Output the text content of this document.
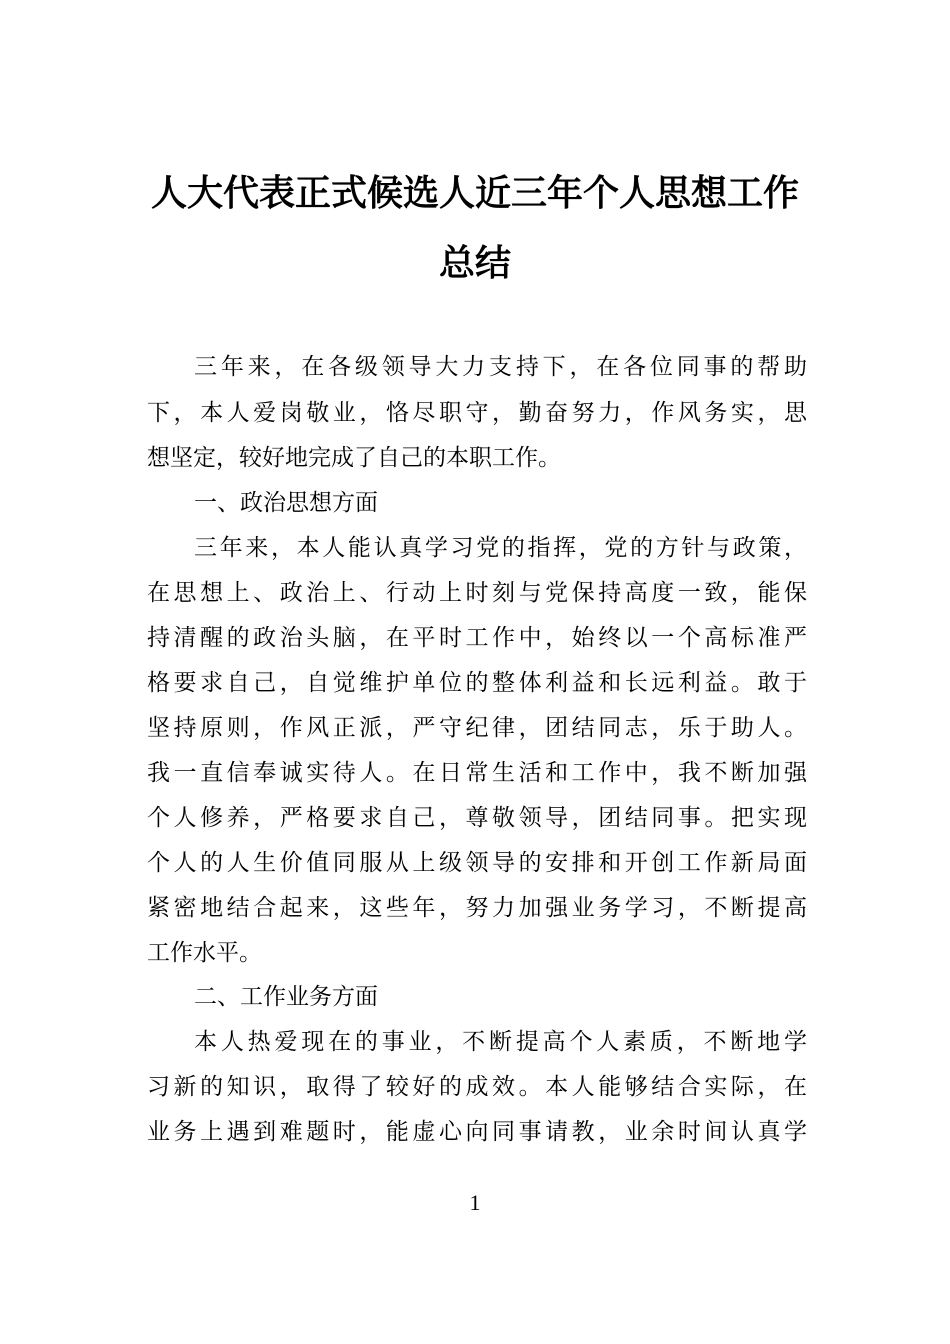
人大代表正式候选人近三年个人思想工作
总结
三年来，在各级领导大力支持下，在各位同事的帮助
下，本人爱岗敬业，恪尽职守，勤奋努力，作风务实，思
想坚定，较好地完成了自己的本职工作。
一、政治思想方面
三年来，本人能认真学习党的指挥，党的方针与政策，
在思想上、政治上、行动上时刻与党保持高度一致，能保
持清醒的政治头脑，在平时工作中，始终以一个高标准严
格要求自己，自觉维护单位的整体利益和长远利益。敢于
坚持原则，作风正派，严守纪律，团结同志，乐于助人。
我一直信奉诚实待人。在日常生活和工作中，我不断加强
个人修养，严格要求自己，尊敬领导，团结同事。把实现
个人的人生价值同服从上级领导的安排和开创工作新局面
紧密地结合起来，这些年，努力加强业务学习，不断提高
工作水平。
二、工作业务方面
本人热爱现在的事业，不断提高个人素质，不断地学
习新的知识，取得了较好的成效。本人能够结合实际，在
业务上遇到难题时，能虚心向同事请教，业余时间认真学
1
